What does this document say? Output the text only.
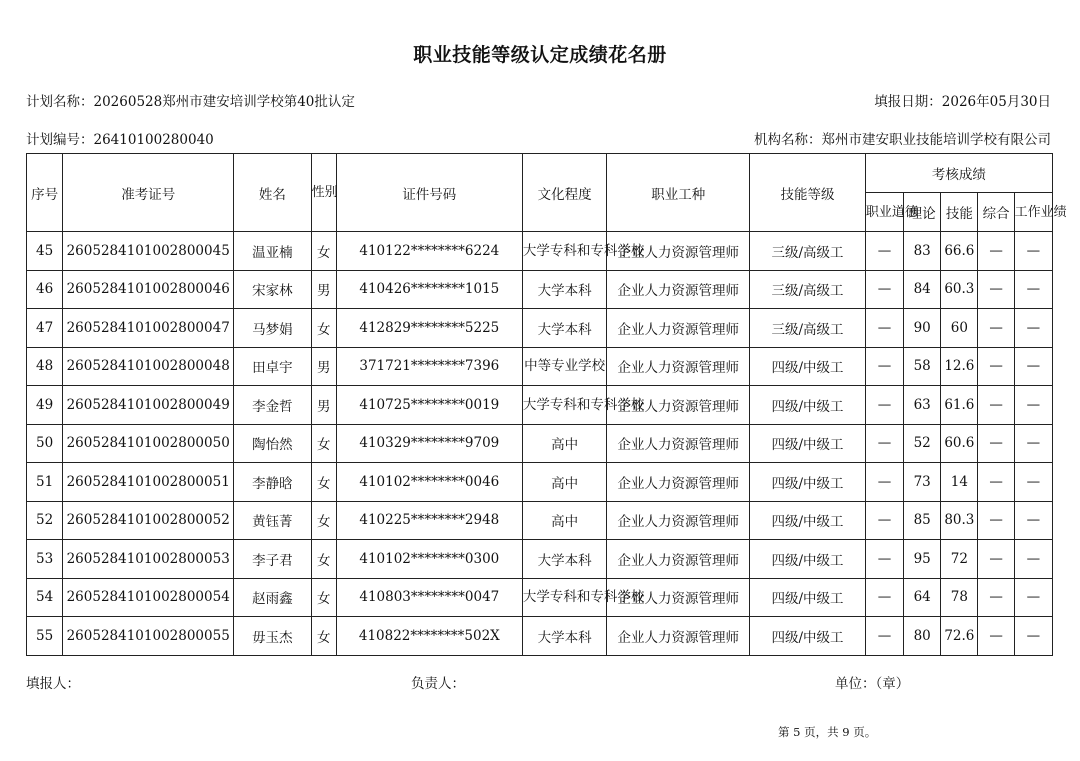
职业技能等级认定成绩花名册
计划名称：20260528郑州市建安培训学校第40批认定	填报日期：2026年05月30日
计划编号：26410100280040	机构名称：郑州市建安职业技能培训学校有限公司
序号	准考证号	姓名	性别	证件号码	文化程度	职业工种	技能等级	考核成绩				
								职业道德	理论	技能	综合	工作业绩
45	2605284101002800045	温亚楠	女	410122********6224	大学专科和专科学校	企业人力资源管理师	三级/高级工	—	83	66.6	—	—
46	2605284101002800046	宋家林	男	410426********1015	大学本科	企业人力资源管理师	三级/高级工	—	84	60.3	—	—
47	2605284101002800047	马梦娟	女	412829********5225	大学本科	企业人力资源管理师	三级/高级工	—	90	60	—	—
48	2605284101002800048	田卓宇	男	371721********7396	中等专业学校	企业人力资源管理师	四级/中级工	—	58	12.6	—	—
49	2605284101002800049	李金哲	男	410725********0019	大学专科和专科学校	企业人力资源管理师	四级/中级工	—	63	61.6	—	—
50	2605284101002800050	陶怡然	女	410329********9709	高中	企业人力资源管理师	四级/中级工	—	52	60.6	—	—
51	2605284101002800051	李静晗	女	410102********0046	高中	企业人力资源管理师	四级/中级工	—	73	14	—	—
52	2605284101002800052	黄钰菁	女	410225********2948	高中	企业人力资源管理师	四级/中级工	—	85	80.3	—	—
53	2605284101002800053	李子君	女	410102********0300	大学本科	企业人力资源管理师	四级/中级工	—	95	72	—	—
54	2605284101002800054	赵雨鑫	女	410803********0047	大学专科和专科学校	企业人力资源管理师	四级/中级工	—	64	78	—	—
55	2605284101002800055	毋玉杰	女	410822********502X	大学本科	企业人力资源管理师	四级/中级工	—	80	72.6	—	—
填报人：	负责人：	单位：（章）
第 5 页，共 9 页。
